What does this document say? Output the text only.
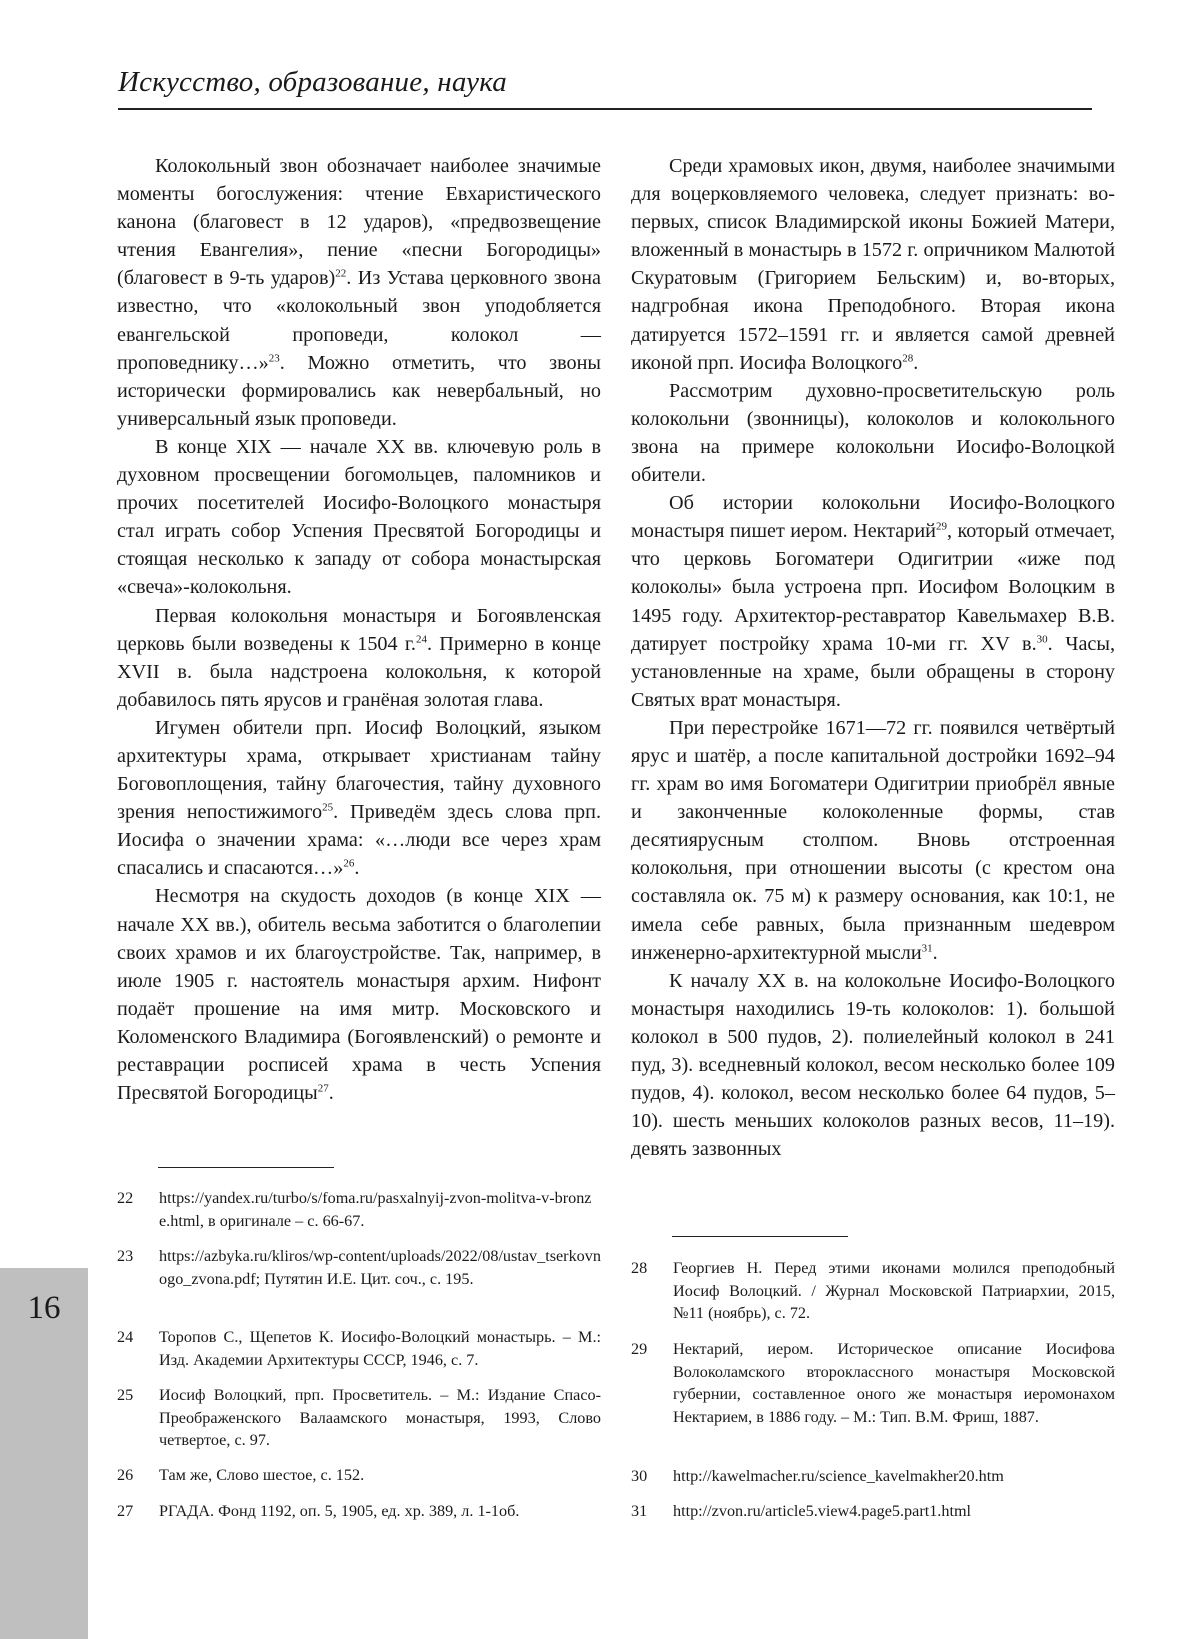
Искусство, образование, наука
16

Колокольный звон обозначает наиболее значимые моменты богослужения: чтение Евхаристического канона (благовест в 12 ударов), «предвозвещение чтения Евангелия», пение «песни Богородицы» (благовест в 9-ть ударов)$^{22}$. Из Устава церковного звона известно, что «колокольный звон уподобляется евангельской проповеди, колокол — проповеднику…»$^{23}$. Можно отметить, что звоны исторически формировались как невербальный, но универсальный язык проповеди.

В конце XIX — начале XX вв. ключевую роль в духовном просвещении богомольцев, паломников и прочих посетителей Иосифо-Волоцкого монастыря стал играть собор Успения Пресвятой Богородицы и стоящая несколько к западу от собора монастырская «свеча»-колокольня.

Первая колокольня монастыря и Богоявленская церковь были возведены к 1504 г.$^{24}$. Примерно в конце XVII в. была надстроена колокольня, к которой добавилось пять ярусов и гранёная золотая глава.

Игумен обители прп. Иосиф Волоцкий, языком архитектуры храма, открывает христианам тайну Боговоплощения, тайну благочестия, тайну духовного зрения непостижимого$^{25}$. Приведём здесь слова прп. Иосифа о значении храма: «…люди все через храм спасались и спасаются…»$^{26}$.

Несмотря на скудость доходов (в конце XIX — начале XX вв.), обитель весьма заботится о благолепии своих храмов и их благоустройстве. Так, например, в июле 1905 г. настоятель монастыря архим. Нифонт подаёт прошение на имя митр. Московского и Коломенского Владимира (Богоявленский) о ремонте и реставрации росписей храма в честь Успения Пресвятой Богородицы$^{27}$.

Среди храмовых икон, двумя, наиболее значимыми для воцерковляемого человека, следует признать: во-первых, список Владимирской иконы Божией Матери, вложенный в монастырь в 1572 г. опричником Малютой Скуратовым (Григорием Бельским) и, во-вторых, надгробная икона Преподобного. Вторая икона датируется 1572–1591 гг. и является самой древней иконой прп. Иосифа Волоцкого$^{28}$.

Рассмотрим духовно-просветительскую роль колокольни (звонницы), колоколов и колокольного звона на примере колокольни Иосифо-Волоцкой обители.

Об истории колокольни Иосифо-Волоцкого монастыря пишет иером. Нектарий$^{29}$, который отмечает, что церковь Богоматери Одигитрии «иже под колоколы» была устроена прп. Иосифом Волоцким в 1495 году. Архитектор-реставратор Кавельмахер В.В. датирует постройку храма 10-ми гг. XV в.$^{30}$. Часы, установленные на храме, были обращены в сторону Святых врат монастыря.

При перестройке 1671—72 гг. появился четвёртый ярус и шатёр, а после капитальной достройки 1692–94 гг. храм во имя Богоматери Одигитрии приобрёл явные и законченные колоколенные формы, став десятиярусным столпом. Вновь отстроенная колокольня, при отношении высоты (с крестом она составляла ок. 75 м) к размеру основания, как 10:1, не имела себе равных, была признанным шедевром инженерно-архитектурной мысли$^{31}$.

К началу XX в. на колокольне Иосифо-Волоцкого монастыря находились 19-ть колоколов: 1). большой колокол в 500 пудов, 2). полиелейный колокол в 241 пуд, 3). вседневный колокол, весом несколько более 109 пудов, 4). колокол, весом несколько более 64 пудов, 5–10). шесть меньших колоколов разных весов, 11–19). девять зазвонных

22 https://yandex.ru/turbo/s/foma.ru/pasxalnyij-zvon-molitva-v-bronze.html, в оригинале – с. 66-67.
23 https://azbyka.ru/kliros/wp-content/uploads/2022/08/ustav_tserkovnogo_zvona.pdf; Путятин И.Е. Цит. соч., с. 195.
24 Торопов С., Щепетов К. Иосифо-Волоцкий монастырь. – М.: Изд. Академии Архитектуры СССР, 1946, с. 7.
25 Иосиф Волоцкий, прп. Просветитель. – М.: Издание Спасо-Преображенского Валаамского монастыря, 1993, Слово четвертое, с. 97.
26 Там же, Слово шестое, с. 152.
27 РГАДА. Фонд 1192, оп. 5, 1905, ед. хр. 389, л. 1-1об.
28 Георгиев Н. Перед этими иконами молился преподобный Иосиф Волоцкий. / Журнал Московской Патриархии, 2015, №11 (ноябрь), с. 72.
29 Нектарий, иером. Историческое описание Иосифова Волоколамского второклассного монастыря Московской губернии, составленное оного же монастыря иеромонахом Нектарием, в 1886 году. – М.: Тип. В.М. Фриш, 1887.
30 http://kawelmacher.ru/science_kavelmakher20.htm
31 http://zvon.ru/article5.view4.page5.part1.html
